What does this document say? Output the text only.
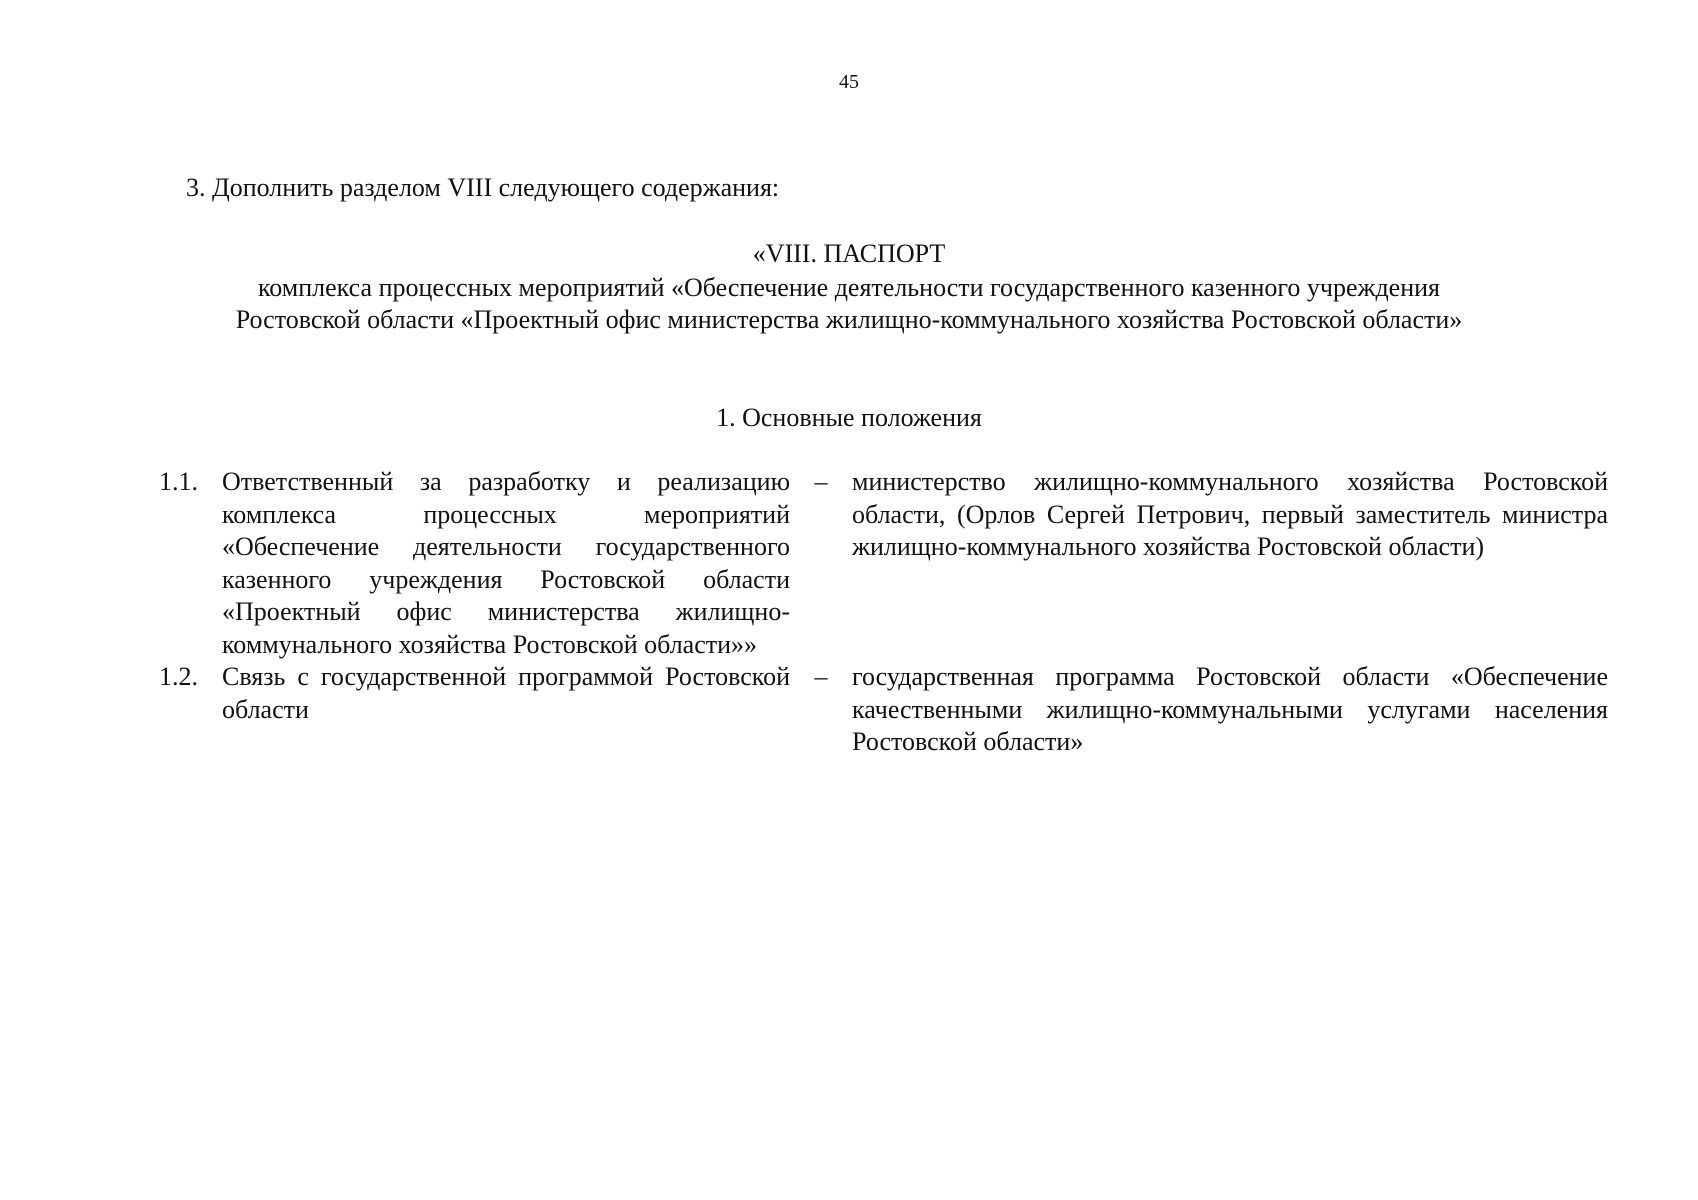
45
3. Дополнить разделом VIII следующего содержания:
«VIII. ПАСПОРТ
комплекса процессных мероприятий «Обеспечение деятельности государственного казенного учреждения
Ростовской области «Проектный офис министерства жилищно-коммунального хозяйства Ростовской области»
1. Основные положения
1.1. Ответственный за разработку и реализацию комплекса процессных мероприятий «Обеспечение деятельности государственного казенного учреждения Ростовской области «Проектный офис министерства жилищно-коммунального хозяйства Ростовской области»»
– министерство жилищно-коммунального хозяйства Ростовской области, (Орлов Сергей Петрович, первый заместитель министра жилищно-коммунального хозяйства Ростовской области)
1.2. Связь с государственной программой Ростовской области
– государственная программа Ростовской области «Обеспечение качественными жилищно-коммунальными услугами населения Ростовской области»
